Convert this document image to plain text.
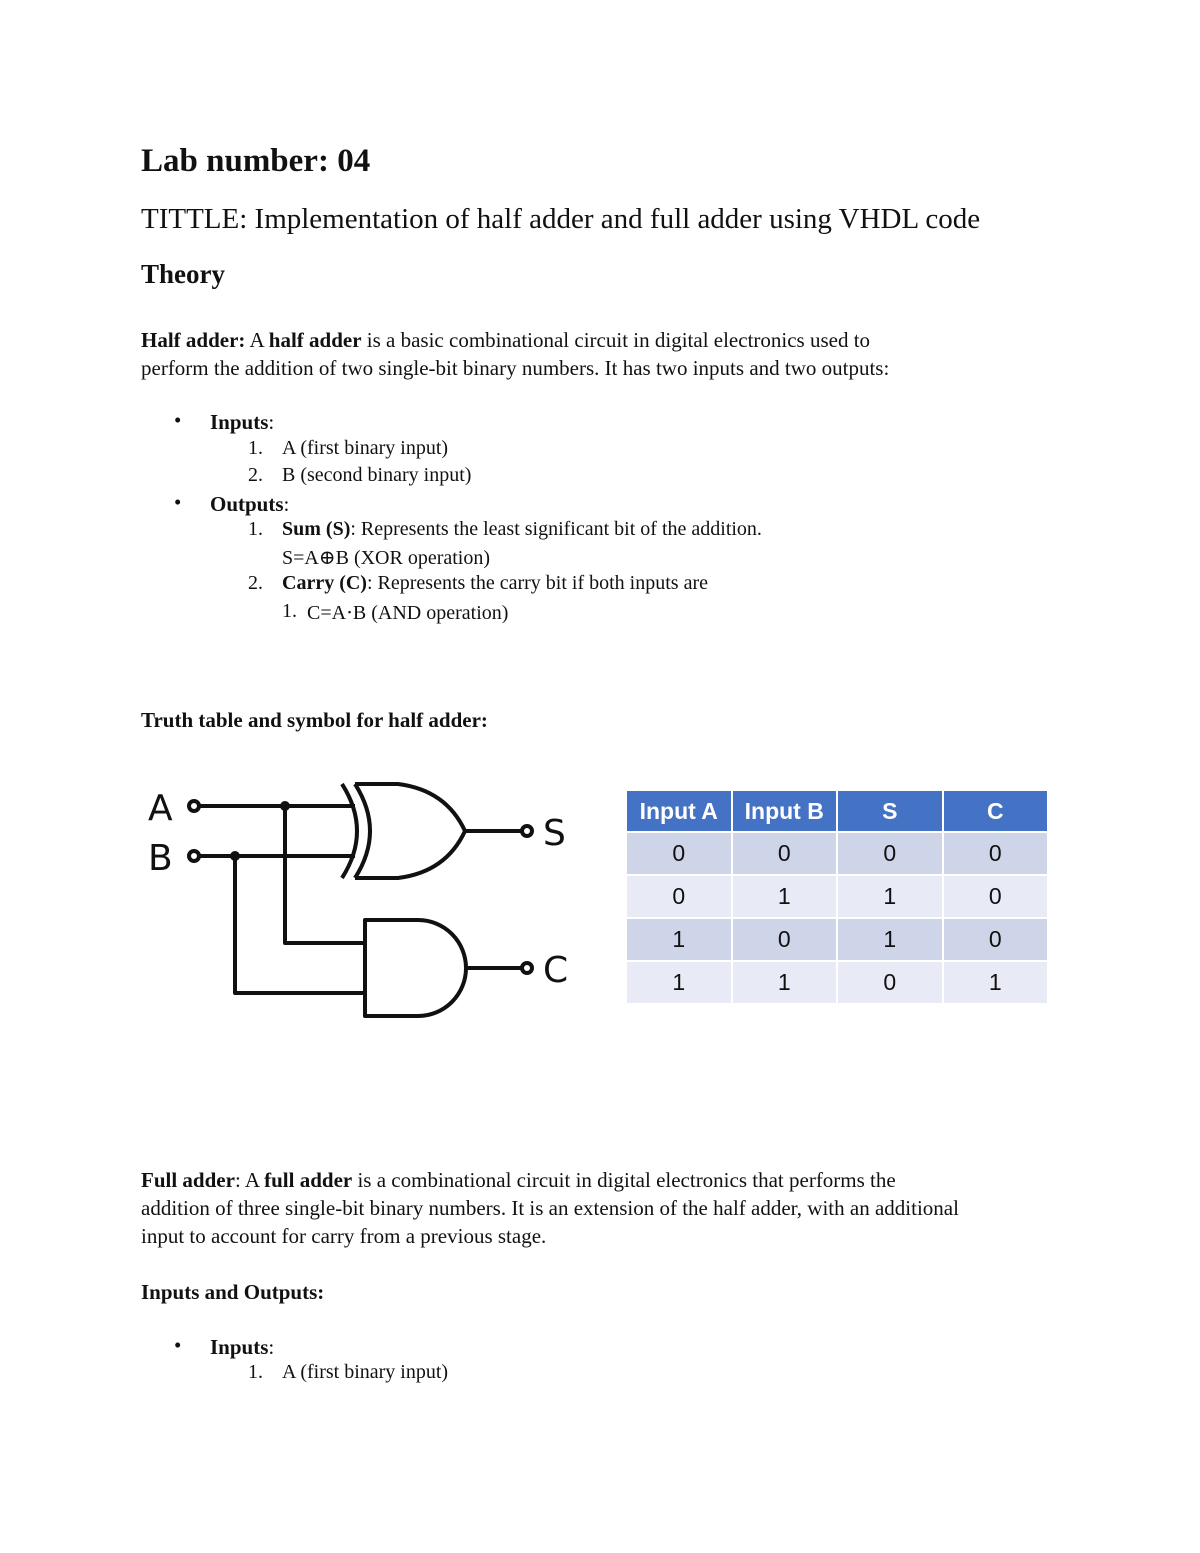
Lab number: 04
TITTLE: Implementation of half adder and full adder using VHDL code
Theory
Half adder: A half adder is a basic combinational circuit in digital electronics used to
perform the addition of two single-bit binary numbers. It has two inputs and two outputs:
• Inputs:
1. A (first binary input)
2. B (second binary input)
• Outputs:
1. Sum (S): Represents the least significant bit of the addition.
S=A⊕B (XOR operation)
2. Carry (C): Represents the carry bit if both inputs are
1. C=A⋅B (AND operation)
Truth table and symbol for half adder:
A
B
S
C
Input A	Input B	S	C
0	0	0	0
0	1	1	0
1	0	1	0
1	1	0	1
Full adder: A full adder is a combinational circuit in digital electronics that performs the
addition of three single-bit binary numbers. It is an extension of the half adder, with an additional
input to account for carry from a previous stage.
Inputs and Outputs:
• Inputs:
1. A (first binary input)
